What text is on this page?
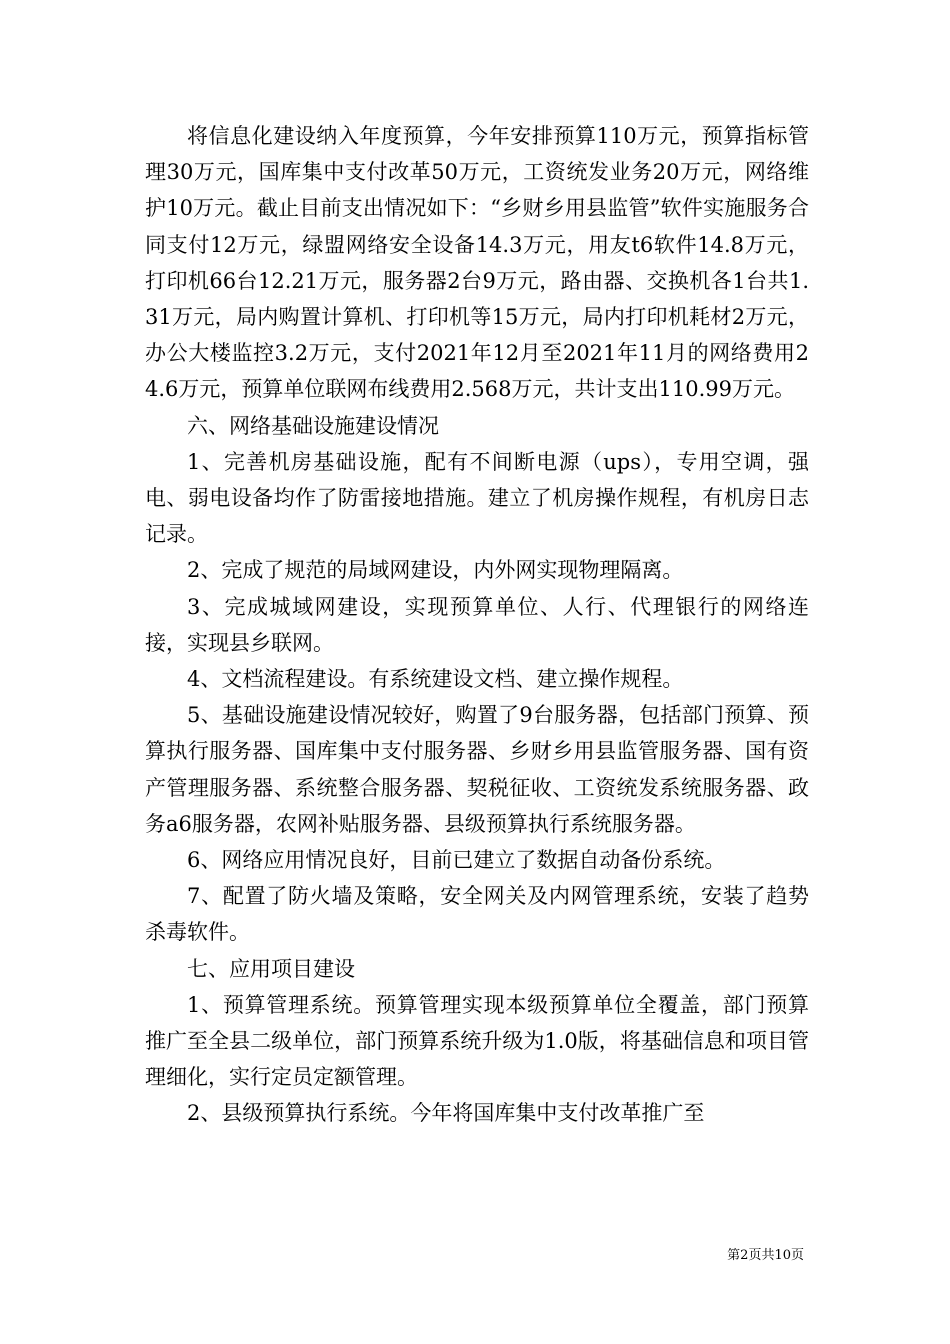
将信息化建设纳入年度预算，今年安排预算110万元，预算指标管理30万元，国库集中支付改革50万元，工资统发业务20万元，网络维护10万元。截止目前支出情况如下：“乡财乡用县监管”软件实施服务合同支付12万元，绿盟网络安全设备14.3万元，用友t6软件14.8万元，打印机66台12.21万元，服务器2台9万元，路由器、交换机各1台共1.31万元，局内购置计算机、打印机等15万元，局内打印机耗材2万元，办公大楼监控3.2万元，支付2021年12月至2021年11月的网络费用24.6万元，预算单位联网布线费用2.568万元，共计支出110.99万元。

六、网络基础设施建设情况

1、完善机房基础设施，配有不间断电源（ups），专用空调，强电、弱电设备均作了防雷接地措施。建立了机房操作规程，有机房日志记录。

2、完成了规范的局域网建设，内外网实现物理隔离。

3、完成城域网建设，实现预算单位、人行、代理银行的网络连接，实现县乡联网。

4、文档流程建设。有系统建设文档、建立操作规程。

5、基础设施建设情况较好，购置了9台服务器，包括部门预算、预算执行服务器、国库集中支付服务器、乡财乡用县监管服务器、国有资产管理服务器、系统整合服务器、契税征收、工资统发系统服务器、政务a6服务器，农网补贴服务器、县级预算执行系统服务器。

6、网络应用情况良好，目前已建立了数据自动备份系统。

7、配置了防火墙及策略，安全网关及内网管理系统，安装了趋势杀毒软件。

七、应用项目建设

1、预算管理系统。预算管理实现本级预算单位全覆盖，部门预算推广至全县二级单位，部门预算系统升级为1.0版，将基础信息和项目管理细化，实行定员定额管理。

2、县级预算执行系统。今年将国库集中支付改革推广至

第2页共10页
